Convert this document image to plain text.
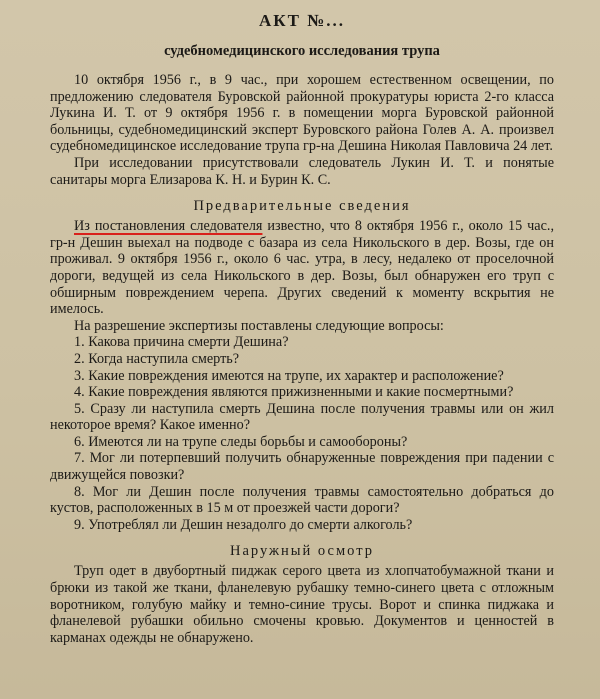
АКТ №...
судебномедицинского исследования трупа

10 октября 1956 г., в 9 час., при хорошем естественном освещении, по предложению следователя Буровской районной прокуратуры юриста 2-го класса Лукина И. Т. от 9 октября 1956 г. в помещении морга Буровской районной больницы, судебномедицинский эксперт Буровского района Голев А. А. произвел судебномедицинское исследование трупа гр-на Дешина Николая Павловича 24 лет.

При исследовании присутствовали следователь Лукин И. Т. и понятые санитары морга Елизарова К. Н. и Бурин К. С.

Предварительные сведения

Из постановления следователя известно, что 8 октября 1956 г., около 15 час., гр-н Дешин выехал на подводе с базара из села Никольского в дер. Возы, где он проживал. 9 октября 1956 г., около 6 час. утра, в лесу, недалеко от проселочной дороги, ведущей из села Никольского в дер. Возы, был обнаружен его труп с обширным повреждением черепа. Других сведений к моменту вскрытия не имелось.

На разрешение экспертизы поставлены следующие вопросы:

1. Какова причина смерти Дешина?

2. Когда наступила смерть?

3. Какие повреждения имеются на трупе, их характер и расположение?

4. Какие повреждения являются прижизненными и какие посмертными?

5. Сразу ли наступила смерть Дешина после получения травмы или он жил некоторое время? Какое именно?

6. Имеются ли на трупе следы борьбы и самообороны?

7. Мог ли потерпевший получить обнаруженные повреждения при падении с движущейся повозки?

8. Мог ли Дешин после получения травмы самостоятельно добраться до кустов, расположенных в 15 м от проезжей части дороги?

9. Употреблял ли Дешин незадолго до смерти алкоголь?

Наружный осмотр

Труп одет в двубортный пиджак серого цвета из хлопчатобумажной ткани и брюки из такой же ткани, фланелевую рубашку темно-синего цвета с отложным воротником, голубую майку и темно-синие трусы. Ворот и спинка пиджака и фланелевой рубашки обильно смочены кровью. Документов и ценностей в карманах одежды не обнаружено.
